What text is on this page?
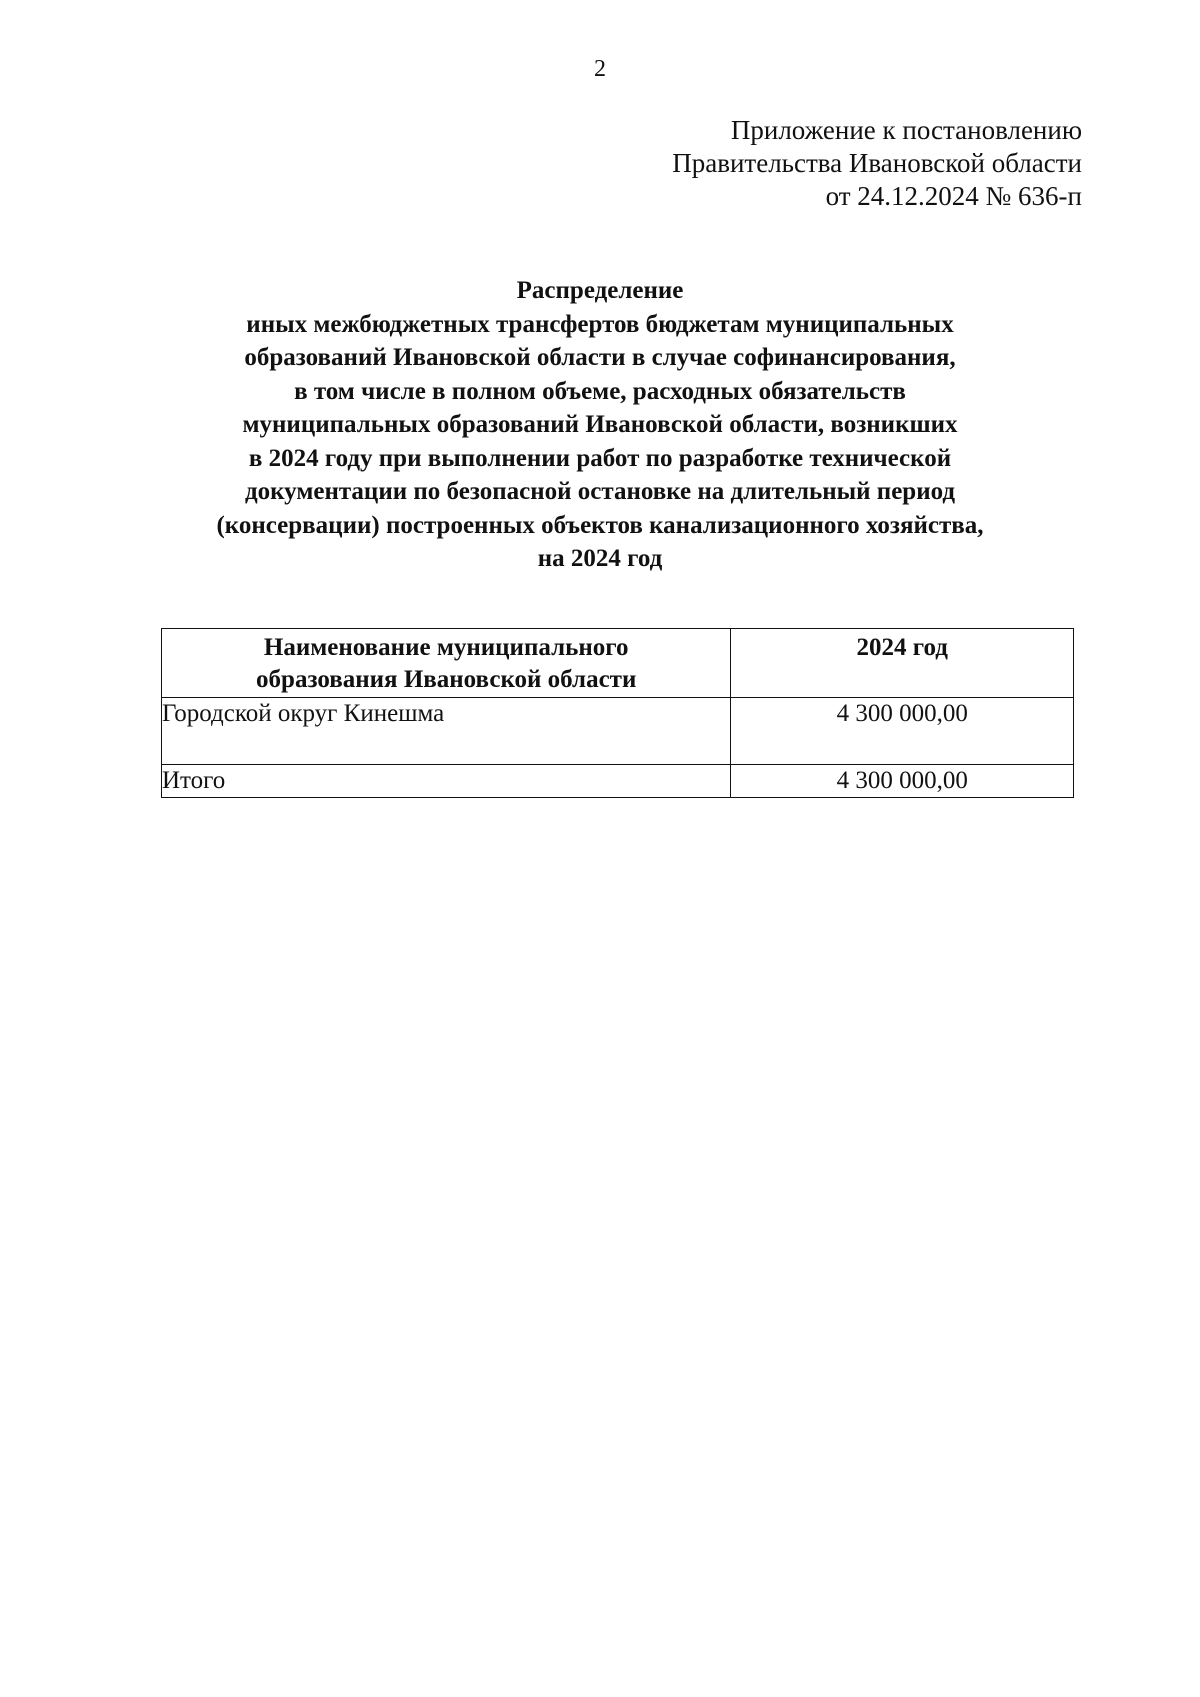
2
Приложение к постановлению
Правительства Ивановской области
от 24.12.2024 № 636-п
Распределение
иных межбюджетных трансфертов бюджетам муниципальных
образований Ивановской области в случае софинансирования,
в том числе в полном объеме, расходных обязательств
муниципальных образований Ивановской области, возникших
в 2024 году при выполнении работ по разработке технической
документации по безопасной остановке на длительный период
(консервации) построенных объектов канализационного хозяйства,
на 2024 год
Наименование муниципального
образования Ивановской области	2024 год
Городской округ Кинешма	4 300 000,00
Итого	4 300 000,00
